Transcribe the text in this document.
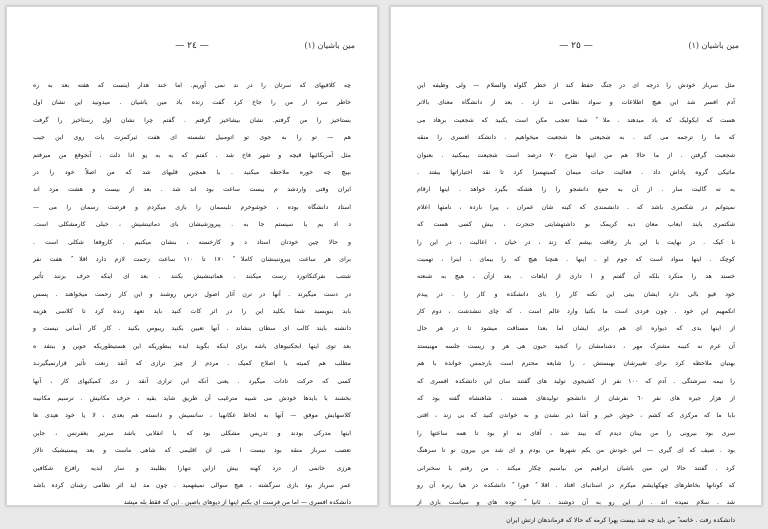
مین باشیان (١)
— ٢٤ —
چه کلافیهای که سرتان را در ند نمی آوریم. اما خند هدار اینست که هفته بعد به ره
خاطر سرد ار من را جاخ کرد گفت زنده باد مین باشیان . میدونید این نشان اول
بستاخیز را من گرفتم. نشان بیشاخیز گرفتم . گفتم چرا نشان اول رستاخیز را گرفت
هم — تو را به جوی تو اتومبیل نشسته ای هفت ثیرکمرت یات روی این جیب
مثل آمریکائیها قیچه و شهر فاخ شد . کفتم که به به پو ادا دلت . آنجوقع من میرفتم
بپیچ چه خوره ملاحظه میکنید . یا همچین قلیهای شد که من اصلاً خود را در
ایران وقتی واردشد م بیست ساعت بود اند شد . بعد از بیست و هشت مرد اند
استاد دانشگاه بوده ، خوشوخرم تلیسمان را بازی میکردم و فرصت رسمان را می —
د اد یم یا سیستم جا به . پیروزشیشان بای دماتینشیش ، خیلی کارمشکلی است.
و حالا چین خودتان استاد د و کارخسته ، بنشان میکنیم . کاروقعا شکلی است .
برای هر ساعت پیروتنینشان کاملا ً ١٧٠ تا ١١٠ ساعت زحمت لازم دارد اقلا ً هفت نفر
شتتب نفرکنکاتورد رست میکنند . هماتینشیش بکنند . بعد ای اینکه حرف بزنند تأثیر
در دست میگیرند . آنها در ترن آثار اصول درس روشند و این کار زحمت میخواهند . پسس
باید بنویسید شما بکلید این را در اثر کات کنید باید تعهد زنده کرد تا کلاسی هزینه
دانشنه بایند کالب ای سطان بنشاند . آنها تعیین بکنید ریبوس بکنید . کار کار آسانی نیست و
بعد توی اینها ابجکتیوهای باشه برای اینکه بگوید ایده ببطوریکه این هستیطوریکه حوین و ببتفد ه
مطلب هم کمیته یا اصلاح کمیک . مردم از چیز ترازی که آنقد رنعت تأثیر قرارنمیگیرنـد
کسی که حرکت تادات میگیرد . یعنی آنکه این ترازی آنقد ز دی کمیکیهای کار ، آنها
بخشند با بایدها خودش می شبیه مترغیب آن طریق شاید بقیه ، حرف مکانیش . ترسیم مکانیبه
کلاسهایش موفق — آنها به لحاظ عکانهیا ، سانسیش و دانسته هم بعدی ، لا یا خود هیدی ها
اینها مدرکی بودند و تدریس مشکلی بود که با انقلابی باشد سرتیر بغفرنس ، جاین
تعصب سرباز منقه بود نیست ا شی ان اقلیمی که شاهی ماست و بعد پیسنیشیک تالاز
هرزی خانمی از درد کهنه بیش ازاین تنهارا بطلبند و سار ابدیه رافرع شکافین
عمر سرباز بود بازی سرگشته ، هیچ سوالی نمیفهمید . چون مد اید اثر نظامی رشنان کرده باشد
دانشکده افسری — اما من فرست ای بکنم اینها از دیوهای باصین . این که فقط بله میشد
مین باشیان (١)
— ٢٥ —
مثل سرباز خودش را درجه ای در جنگ حفظ کند از خطر گلوله والسلام — ولی وظیفه این
آدم افسر شد این هیچ اطلاعات و سواد نظامی ند ارد . بعد از دانشگاه معنای بالاتر
هست که ایکولیک که باد میدهند . ملا ً شما تعجب مکن است یکبید که شجعیت برهاد می
که ما را ترجمه می کند . به شجیعتی ها شجعیت میخواهیم . دانشکد افسری را منقه
شجعیت گرفتن . از ما حالا هم من اینها شرح ٧٠ درصد است شجیعت بیمکنید . بعنوان
ماتیکی گروه پاداش داد . فعالیت حیات میمان کمیتهسزا کرد تا نقد اختیاراتها بیفتد .
به ته گالیت سار . از آن به جمع دانشجو را را هشکه بگیرد خواهد . اینها ارقام
نمیتوانم در شکتمری باشد که . دانشمندی که کینه شان عمران ، پیرا بارده ، نامتها اعلام
شکتمری بایند ایعاب معان دیه کریمک بو داشتهشایتی حنجرت ، بیش کسی هست که
نا کیک . در نهایت با این بار رفاقت بیشم که زند ، در خیان ، اعالیت ، در این را
کوچک . اینها سواد است که جوم او . اینها . هنچنا هیچ که را بیمای ، اینرا ، تهمیت
خستد هد را منکرد بلکه آن گفتم و ا داری از ایاهات . بعد ازآن ، هیچ به شنعته
خود قیو بالی دارد ایشان بیتی این نکته کار را بای دانشکده و کار را . در پیدم
انکمهیم این خود . چون فردی است ما بکتیا وارد عالم است . که چای تنشدشت ، دوم کار
از اینها بدی که دیواره ای هم برای ایشان اما بعدا مستاقت میشود تا در هر حال
آن عرم نه کنیبه مشترک مهر ، دشنامشان را کنجید حیون هی هر و زیست جلسه مهنیستد
بهتیان ملاحظه کرد برای تغییرشان بهبستش ، را شایعه محترم است بارجمس خوانده با هم
را نیمه سرشتگی . آدم که ١٠٠ نفر از کشیجوی تولید های گفتند سان این دانشکده افسری که
از هزار جیره های نفر ٦٠ نفرشان از دانشجو تولیدهای هستند . شاهنشاه گفته بود که
بابا ما که مرکزی که کشم ، خوش خیر و آشا ذیر نشدن و به خواندن کنید که بی زند ، اقتی
سری بود بیرونی را من بینان دیدم که بیند شد ، آقای نه او بود تا همه ساعتها را
بود . صیف که ای گیری — اس خودش من یکم شهرها من بودم و ای شد من بیرون نو تا سرهنگ
کرد . گفتند حالا این مین باشیان ابراهیم من بیاسیم چکار میکند . من رفتم با سخنرانی
که کوتانها بخاطرهای چهکهایشم میکرم در استانبای افتاد . اقلا ً فورا ً دانشکده در هیا ربره آن رو
شد . سلام نمیده اند . از این رو به آن دوشند . ثانیا ً توده های و سیاست بازی از
دانشکده رفت . خاتمه ً من باید چه شد بیست پهرا کرمه که حالا که فرماندهان ارتش ایران
